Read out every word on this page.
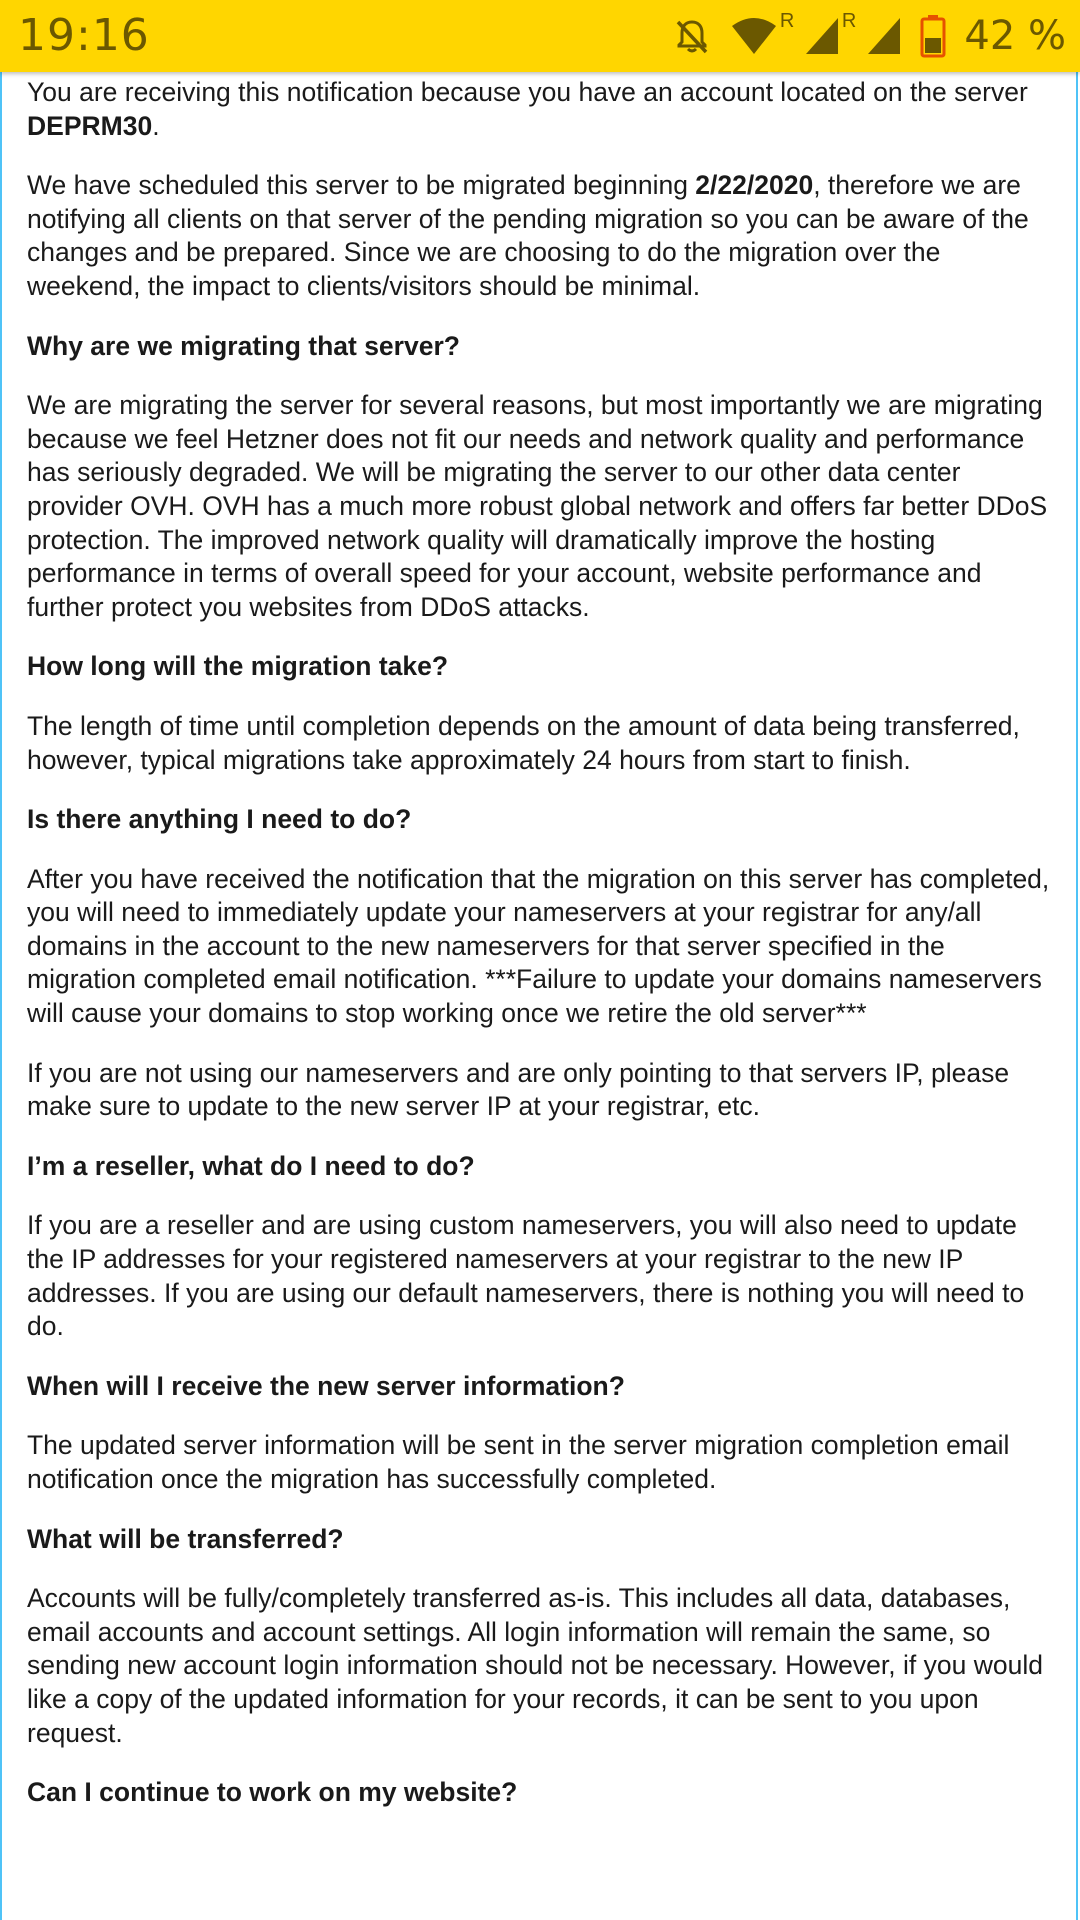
19:16	R R	42 %

You are receiving this notification because you have an account located on the server DEPRM30.

We have scheduled this server to be migrated beginning 2/22/2020, therefore we are notifying all clients on that server of the pending migration so you can be aware of the changes and be prepared. Since we are choosing to do the migration over the weekend, the impact to clients/visitors should be minimal.

Why are we migrating that server?

We are migrating the server for several reasons, but most importantly we are migrating because we feel Hetzner does not fit our needs and network quality and performance has seriously degraded. We will be migrating the server to our other data center provider OVH. OVH has a much more robust global network and offers far better DDoS protection. The improved network quality will dramatically improve the hosting performance in terms of overall speed for your account, website performance and further protect you websites from DDoS attacks.

How long will the migration take?

The length of time until completion depends on the amount of data being transferred, however, typical migrations take approximately 24 hours from start to finish.

Is there anything I need to do?

After you have received the notification that the migration on this server has completed, you will need to immediately update your nameservers at your registrar for any/all domains in the account to the new nameservers for that server specified in the migration completed email notification. ***Failure to update your domains nameservers will cause your domains to stop working once we retire the old server***

If you are not using our nameservers and are only pointing to that servers IP, please make sure to update to the new server IP at your registrar, etc.

I’m a reseller, what do I need to do?

If you are a reseller and are using custom nameservers, you will also need to update the IP addresses for your registered nameservers at your registrar to the new IP addresses. If you are using our default nameservers, there is nothing you will need to do.

When will I receive the new server information?

The updated server information will be sent in the server migration completion email notification once the migration has successfully completed.

What will be transferred?

Accounts will be fully/completely transferred as-is. This includes all data, databases, email accounts and account settings. All login information will remain the same, so sending new account login information should not be necessary. However, if you would like a copy of the updated information for your records, it can be sent to you upon request.

Can I continue to work on my website?
